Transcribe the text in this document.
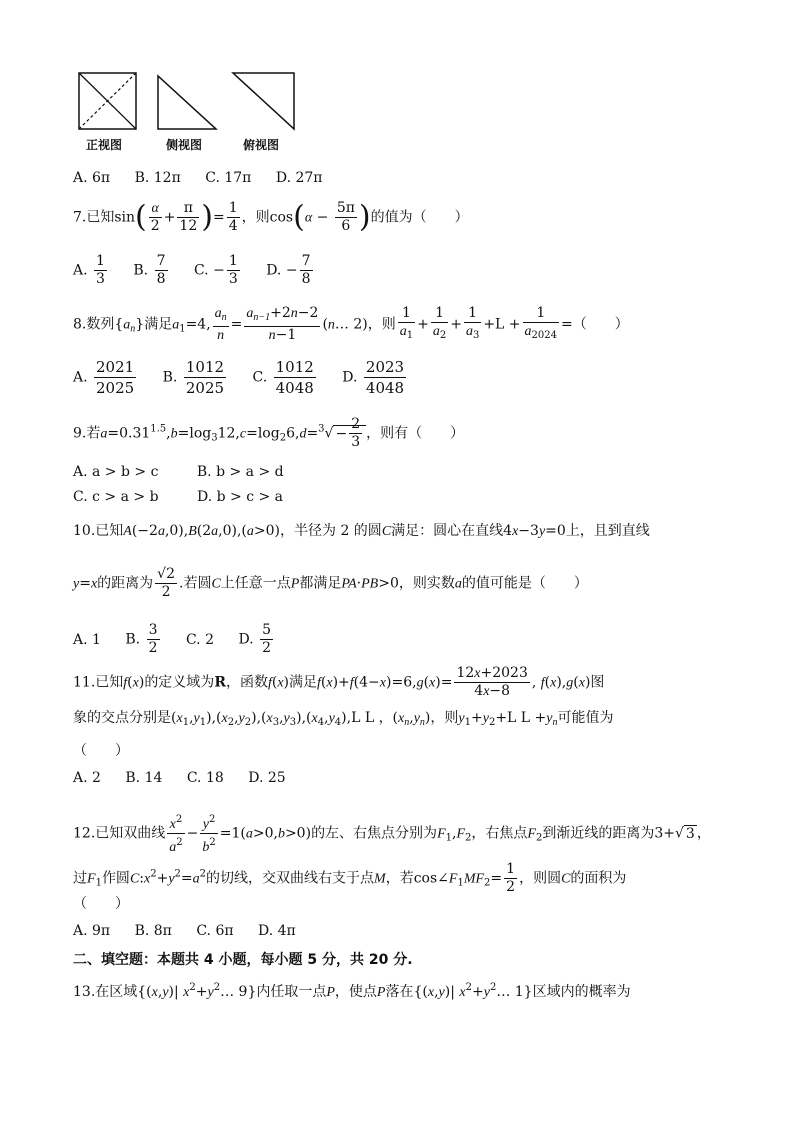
正视图	侧视图	俯视图
A. 6π B. 12π C. 17π D. 27π
7.已知$\sin( \frac{\alpha}{2} + \frac{\pi}{12}$ )= $\frac{1}{4}$ ，则$\cos(\alpha - \frac{5\pi}{6}$ )的值为（　　）
A. $\frac{1}{3} B$. $\frac{7}{8} C$. − $\frac{1}{3} D$. − $\frac{7}{8}$
8.数列$\{a_n\}$满足$a_1=4$, $\frac{a_n}{n} = \frac{a_{n-1}+2n-2}{n-1}$ (n… 2)，则 $\frac{1}{a_1} + \frac{1}{a_2} + \frac{1}{a_3} +L + \frac{1}{a_{2024}}$ =（　　）
A. $\frac{2021}{2025} B$. $\frac{1012}{2025} C$. $\frac{1012}{4048} D$. $\frac{2023}{4048}$
9.若$a=0.31^{1.5},b=\log_312,c=\log_26,d=^3√ - \frac{2}{3}$ ，则有（　　）
A. a > b > c	B. b > a > d
C. c > a > b	D. b > c > a
10.已知A(−2a,0),B(2a,0),(a>0)，半径为 2 的圆C满足：圆心在直线4x−3y=0上，且到直线
y=x的距离为 $\frac{√2}{2}$ .若圆C上任意一点P都满足PA·PB>0，则实数a的值可能是（　　）
A. 1 B. $\frac{3}{2} C$. 2 D. $\frac{5}{2}$
11.已知f(x)的定义域为R，函数f(x)满足$f(x)+f(4-x)=6,g(x)= \frac{12x+2023}{4x-8}$ , f(x),g(x)图
象的交点分别是$(x_1,y_1),(x_2,y_2),(x_3,y_3),(x_4,y_4),L$ L ，$(x_n,y_n)$，则$y_1+y_2+L$ $L +y_n$可能值为
（　　）
A. 2 B. 14 C. 18 D. 25
12.已知双曲线 $\frac{x^2}{a^2} - \frac{y^2}{b^2} =1(a>0,b>0)$的左、右焦点分别为$F_1,F_2$，右焦点$F_2$到渐近线的距离为3+√ 3 ，
过$F_1$作圆$C:x^2+y^2=a^2$的切线，交双曲线右支于点M，若$\cos\angle F_1MF_2= \frac{1}{2}$ ，则圆C的面积为
（　　）
A. 9π B. 8π C. 6π D. 4π
二、填空题：本题共 4 小题，每小题 5 分，共 20 分.
13.在区域{(x,y)| $x^2+y^2\dots$ 9}内任取一点P，使点P落在{(x,y)| $x^2+y^2\dots$ 1}区域内的概率为
